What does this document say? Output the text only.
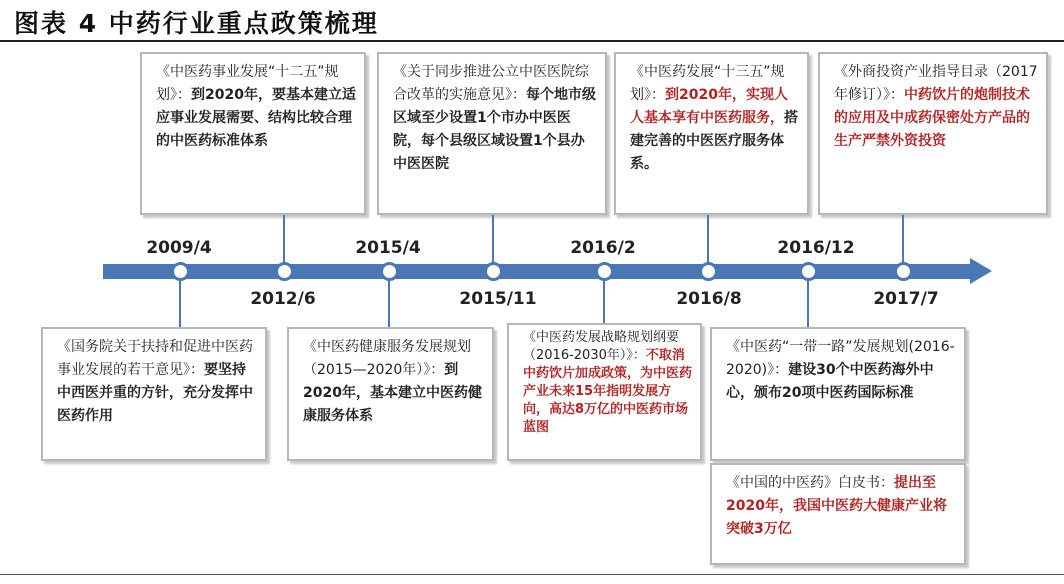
图表 4 中药行业重点政策梳理
《中医药事业发展“十二五”规划》：到2020年，要基本建立适应事业发展需要、结构比较合理的中医药标准体系
《关于同步推进公立中医医院综合改革的实施意见》：每个地市级区域至少设置1个市办中医医院，每个县级区域设置1个县办中医医院
《中医药发展“十三五”规划》：到2020年，实现人人基本享有中医药服务，搭建完善的中医医疗服务体系。
《外商投资产业指导目录（2017年修订）》：中药饮片的炮制技术的应用及中成药保密处方产品的生产严禁外资投资
2009/4	2015/4	2016/2	2016/12
2012/6	2015/11	2016/8	2017/7
《国务院关于扶持和促进中医药事业发展的若干意见》：要坚持中西医并重的方针，充分发挥中医药作用
《中医药健康服务发展规划（2015—2020年）》：到2020年，基本建立中医药健康服务体系
《中医药发展战略规划纲要（2016-2030年）》：不取消中药饮片加成政策，为中医药产业未来15年指明发展方向，高达8万亿的中医药市场蓝图
《中医药“一带一路”发展规划(2016-2020)》：建设30个中医药海外中心，颁布20项中医药国际标准
《中国的中医药》白皮书：提出至2020年，我国中医药大健康产业将突破3万亿
